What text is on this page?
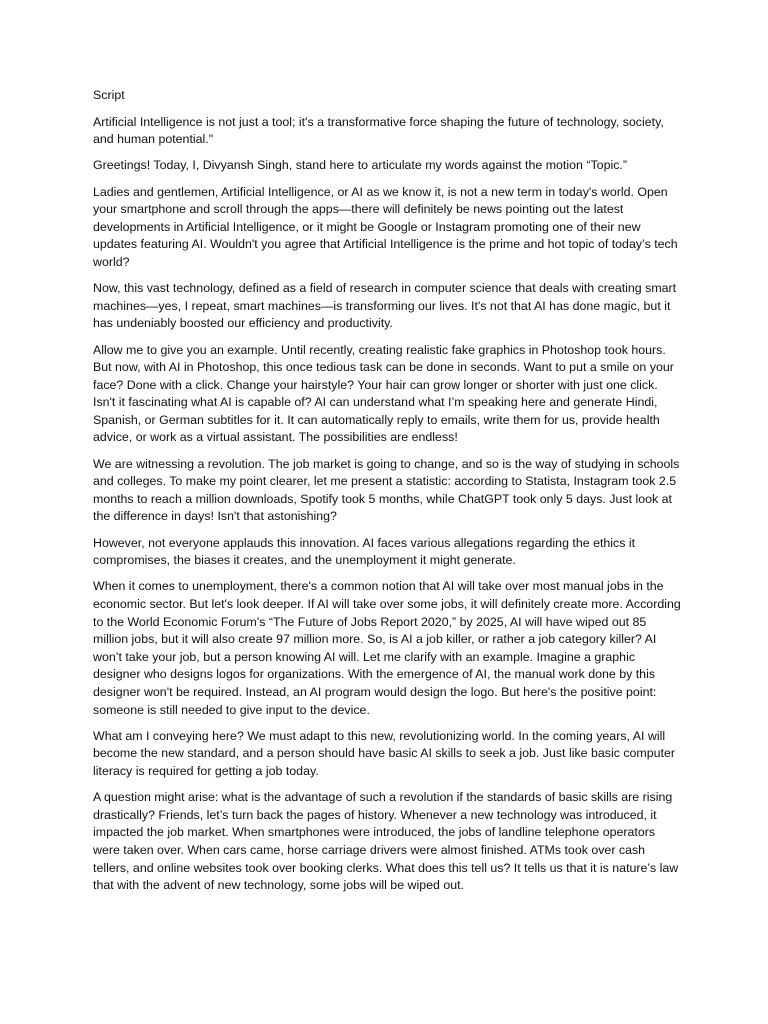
Script

Artificial Intelligence is not just a tool; it's a transformative force shaping the future of technology, society, and human potential."

Greetings! Today, I, Divyansh Singh, stand here to articulate my words against the motion “Topic.”

Ladies and gentlemen, Artificial Intelligence, or AI as we know it, is not a new term in today's world. Open your smartphone and scroll through the apps—there will definitely be news pointing out the latest developments in Artificial Intelligence, or it might be Google or Instagram promoting one of their new updates featuring AI. Wouldn't you agree that Artificial Intelligence is the prime and hot topic of today’s tech world?

Now, this vast technology, defined as a field of research in computer science that deals with creating smart machines—yes, I repeat, smart machines—is transforming our lives. It's not that AI has done magic, but it has undeniably boosted our efficiency and productivity.

Allow me to give you an example. Until recently, creating realistic fake graphics in Photoshop took hours. But now, with AI in Photoshop, this once tedious task can be done in seconds. Want to put a smile on your face? Done with a click. Change your hairstyle? Your hair can grow longer or shorter with just one click. Isn't it fascinating what AI is capable of? AI can understand what I’m speaking here and generate Hindi, Spanish, or German subtitles for it. It can automatically reply to emails, write them for us, provide health advice, or work as a virtual assistant. The possibilities are endless!

We are witnessing a revolution. The job market is going to change, and so is the way of studying in schools and colleges. To make my point clearer, let me present a statistic: according to Statista, Instagram took 2.5 months to reach a million downloads, Spotify took 5 months, while ChatGPT took only 5 days. Just look at the difference in days! Isn't that astonishing?

However, not everyone applauds this innovation. AI faces various allegations regarding the ethics it compromises, the biases it creates, and the unemployment it might generate.

When it comes to unemployment, there's a common notion that AI will take over most manual jobs in the economic sector. But let's look deeper. If AI will take over some jobs, it will definitely create more. According to the World Economic Forum’s “The Future of Jobs Report 2020,” by 2025, AI will have wiped out 85 million jobs, but it will also create 97 million more. So, is AI a job killer, or rather a job category killer? AI won’t take your job, but a person knowing AI will. Let me clarify with an example. Imagine a graphic designer who designs logos for organizations. With the emergence of AI, the manual work done by this designer won't be required. Instead, an AI program would design the logo. But here's the positive point: someone is still needed to give input to the device.

What am I conveying here? We must adapt to this new, revolutionizing world. In the coming years, AI will become the new standard, and a person should have basic AI skills to seek a job. Just like basic computer literacy is required for getting a job today.

A question might arise: what is the advantage of such a revolution if the standards of basic skills are rising drastically? Friends, let’s turn back the pages of history. Whenever a new technology was introduced, it impacted the job market. When smartphones were introduced, the jobs of landline telephone operators were taken over. When cars came, horse carriage drivers were almost finished. ATMs took over cash tellers, and online websites took over booking clerks. What does this tell us? It tells us that it is nature’s law that with the advent of new technology, some jobs will be wiped out.
